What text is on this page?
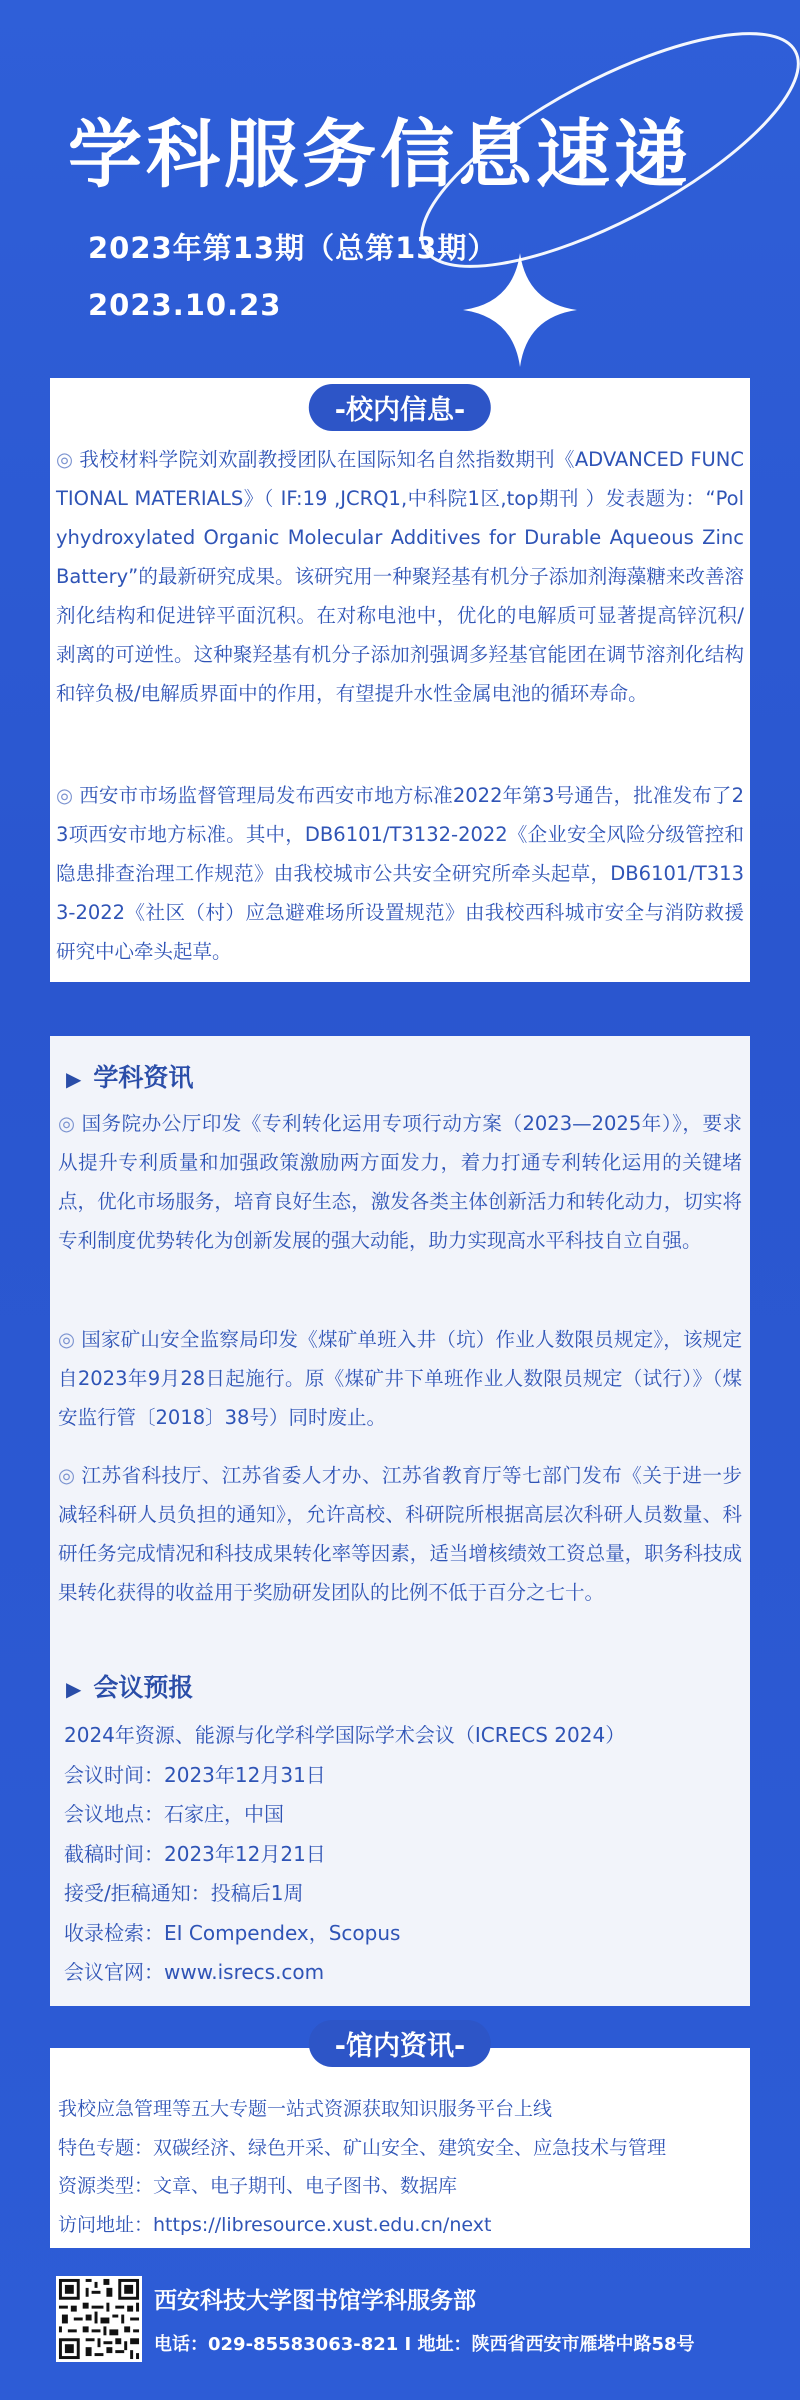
学科服务信息速递
2023年第13期（总第13期）
2023.10.23
-校内信息-
◎ 我校材料学院刘欢副教授团队在国际知名自然指数期刊《ADVANCED FUNCTIONAL MATERIALS》（ IF:19 ,JCRQ1,中科院1区,top期刊 ）发表题为：“Polyhydroxylated Organic Molecular Additives for Durable Aqueous Zinc Battery”的最新研究成果。该研究用一种聚羟基有机分子添加剂海藻糖来改善溶剂化结构和促进锌平面沉积。在对称电池中，优化的电解质可显著提高锌沉积/剥离的可逆性。这种聚羟基有机分子添加剂强调多羟基官能团在调节溶剂化结构和锌负极/电解质界面中的作用，有望提升水性金属电池的循环寿命。
◎ 西安市市场监督管理局发布西安市地方标准2022年第3号通告，批准发布了23项西安市地方标准。其中，DB6101/T3132-2022《企业安全风险分级管控和隐患排查治理工作规范》由我校城市公共安全研究所牵头起草，DB6101/T3133-2022《社区（村）应急避难场所设置规范》由我校西科城市安全与消防救援研究中心牵头起草。
▶ 学科资讯
◎ 国务院办公厅印发《专利转化运用专项行动方案（2023—2025年）》，要求从提升专利质量和加强政策激励两方面发力，着力打通专利转化运用的关键堵点，优化市场服务，培育良好生态，激发各类主体创新活力和转化动力，切实将专利制度优势转化为创新发展的强大动能，助力实现高水平科技自立自强。
◎ 国家矿山安全监察局印发《煤矿单班入井（坑）作业人数限员规定》，该规定自2023年9月28日起施行。原《煤矿井下单班作业人数限员规定（试行）》（煤安监行管〔2018〕38号）同时废止。
◎ 江苏省科技厅、江苏省委人才办、江苏省教育厅等七部门发布《关于进一步减轻科研人员负担的通知》，允许高校、科研院所根据高层次科研人员数量、科研任务完成情况和科技成果转化率等因素，适当增核绩效工资总量，职务科技成果转化获得的收益用于奖励研发团队的比例不低于百分之七十。
▶ 会议预报
2024年资源、能源与化学科学国际学术会议（ICRECS 2024）
会议时间：2023年12月31日
会议地点：石家庄，中国
截稿时间：2023年12月21日
接受/拒稿通知：投稿后1周
收录检索：EI Compendex，Scopus
会议官网：www.isrecs.com
-馆内资讯-
我校应急管理等五大专题一站式资源获取知识服务平台上线
特色专题：双碳经济、绿色开采、矿山安全、建筑安全、应急技术与管理
资源类型：文章、电子期刊、电子图书、数据库
访问地址：https://libresource.xust.edu.cn/next
西安科技大学图书馆学科服务部
电话：029-85583063-821 I 地址：陕西省西安市雁塔中路58号
